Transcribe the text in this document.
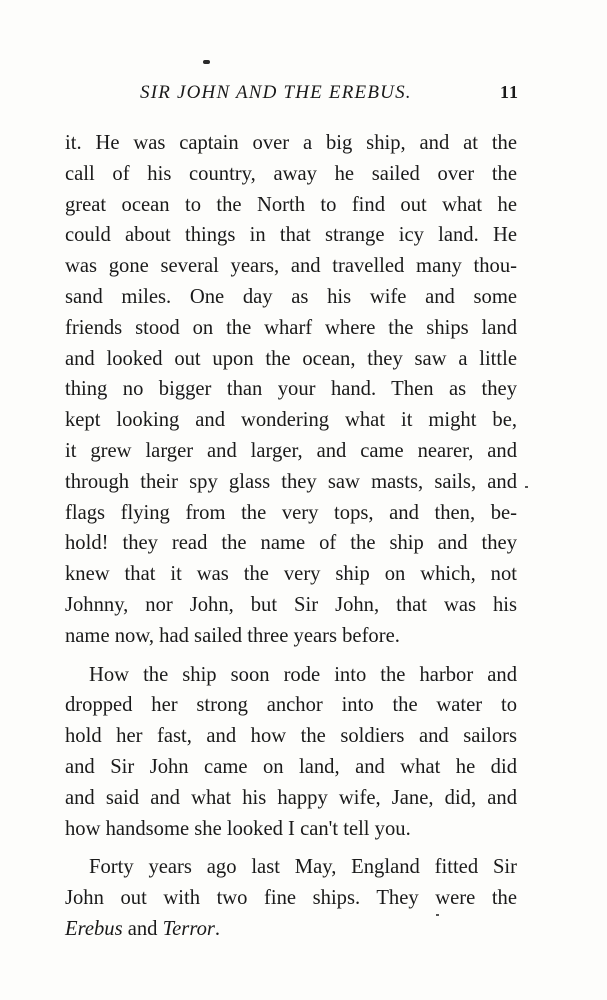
SIR JOHN AND THE EREBUS.	11
it. He was captain over a big ship, and at the
call of his country, away he sailed over the
great ocean to the North to find out what he
could about things in that strange icy land. He
was gone several years, and travelled many thou-
sand miles. One day as his wife and some
friends stood on the wharf where the ships land
and looked out upon the ocean, they saw a little
thing no bigger than your hand. Then as they
kept looking and wondering what it might be,
it grew larger and larger, and came nearer, and
through their spy glass they saw masts, sails, and
flags flying from the very tops, and then, be-
hold! they read the name of the ship and they
knew that it was the very ship on which, not
Johnny, nor John, but Sir John, that was his
name now, had sailed three years before.
How the ship soon rode into the harbor and
dropped her strong anchor into the water to
hold her fast, and how the soldiers and sailors
and Sir John came on land, and what he did
and said and what his happy wife, Jane, did, and
how handsome she looked I can't tell you.
Forty years ago last May, England fitted Sir
John out with two fine ships. They were the
Erebus and Terror.
